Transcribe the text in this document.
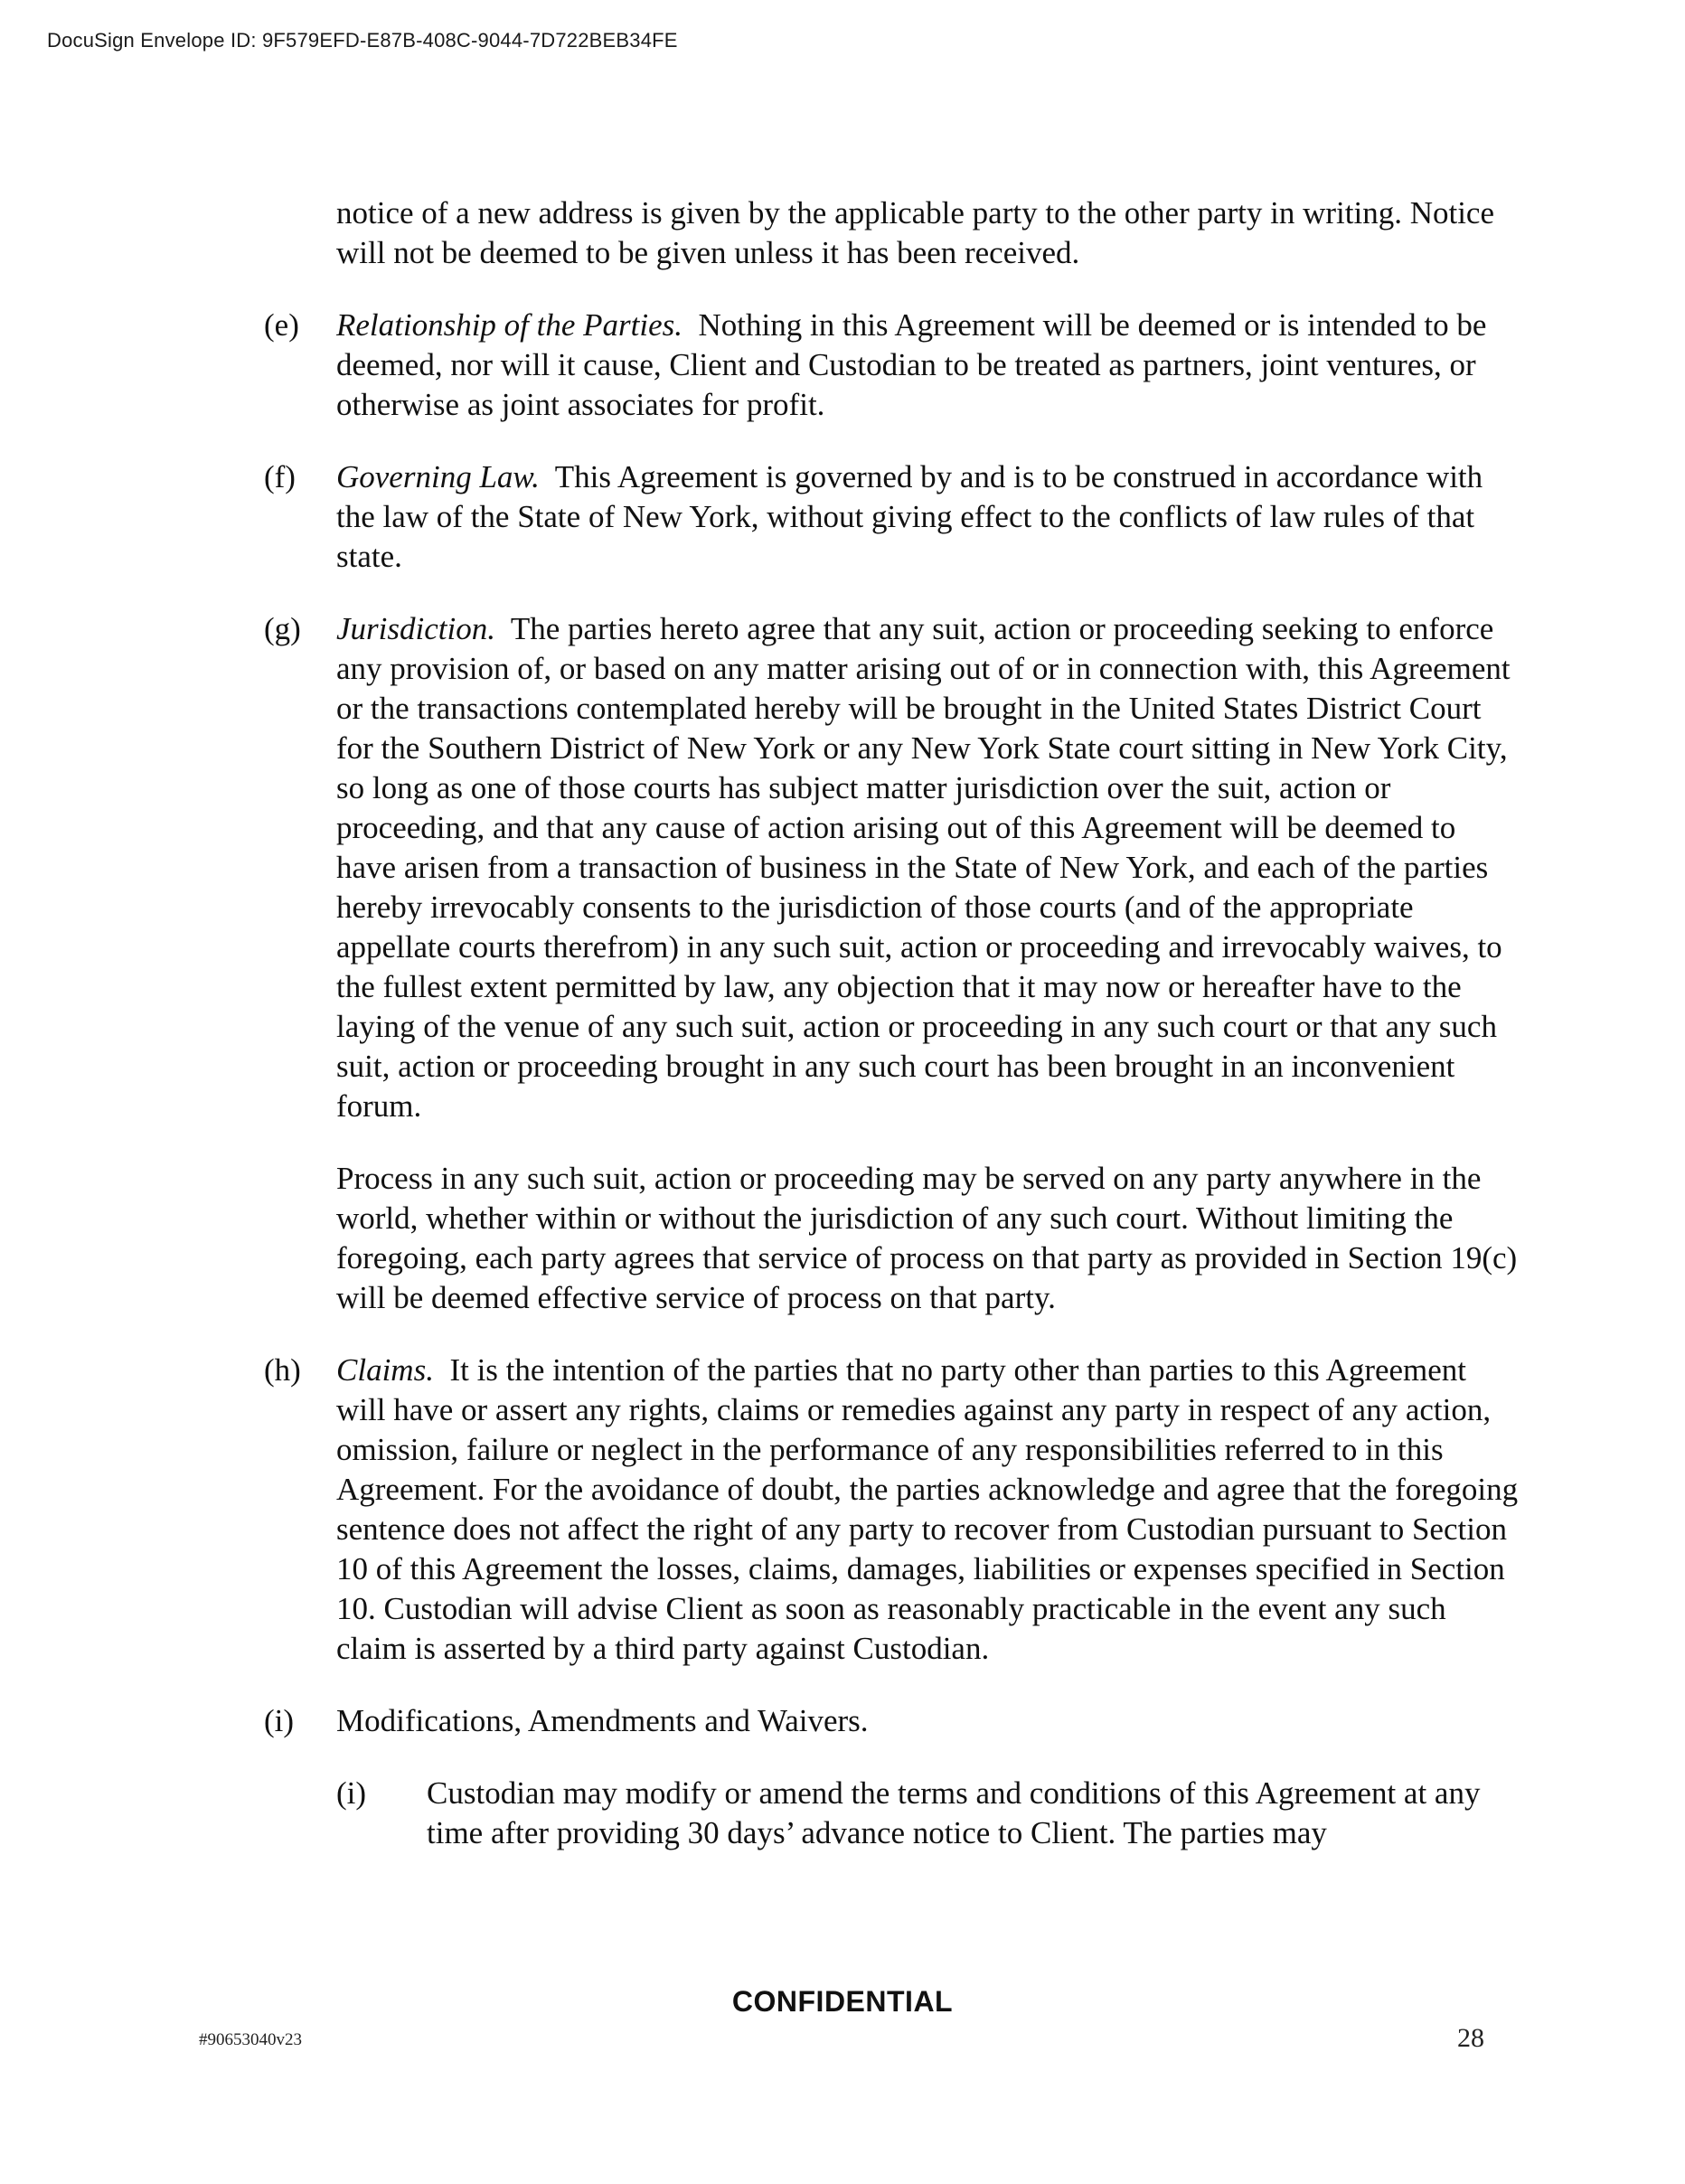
DocuSign Envelope ID: 9F579EFD-E87B-408C-9044-7D722BEB34FE
notice of a new address is given by the applicable party to the other party in writing. Notice will not be deemed to be given unless it has been received.
(e) Relationship of the Parties. Nothing in this Agreement will be deemed or is intended to be deemed, nor will it cause, Client and Custodian to be treated as partners, joint ventures, or otherwise as joint associates for profit.
(f) Governing Law. This Agreement is governed by and is to be construed in accordance with the law of the State of New York, without giving effect to the conflicts of law rules of that state.
(g) Jurisdiction. The parties hereto agree that any suit, action or proceeding seeking to enforce any provision of, or based on any matter arising out of or in connection with, this Agreement or the transactions contemplated hereby will be brought in the United States District Court for the Southern District of New York or any New York State court sitting in New York City, so long as one of those courts has subject matter jurisdiction over the suit, action or proceeding, and that any cause of action arising out of this Agreement will be deemed to have arisen from a transaction of business in the State of New York, and each of the parties hereby irrevocably consents to the jurisdiction of those courts (and of the appropriate appellate courts therefrom) in any such suit, action or proceeding and irrevocably waives, to the fullest extent permitted by law, any objection that it may now or hereafter have to the laying of the venue of any such suit, action or proceeding in any such court or that any such suit, action or proceeding brought in any such court has been brought in an inconvenient forum.
Process in any such suit, action or proceeding may be served on any party anywhere in the world, whether within or without the jurisdiction of any such court. Without limiting the foregoing, each party agrees that service of process on that party as provided in Section 19(c) will be deemed effective service of process on that party.
(h) Claims. It is the intention of the parties that no party other than parties to this Agreement will have or assert any rights, claims or remedies against any party in respect of any action, omission, failure or neglect in the performance of any responsibilities referred to in this Agreement. For the avoidance of doubt, the parties acknowledge and agree that the foregoing sentence does not affect the right of any party to recover from Custodian pursuant to Section 10 of this Agreement the losses, claims, damages, liabilities or expenses specified in Section 10. Custodian will advise Client as soon as reasonably practicable in the event any such claim is asserted by a third party against Custodian.
(i) Modifications, Amendments and Waivers.
(i) Custodian may modify or amend the terms and conditions of this Agreement at any time after providing 30 days’ advance notice to Client. The parties may
CONFIDENTIAL
#90653040v23	28
